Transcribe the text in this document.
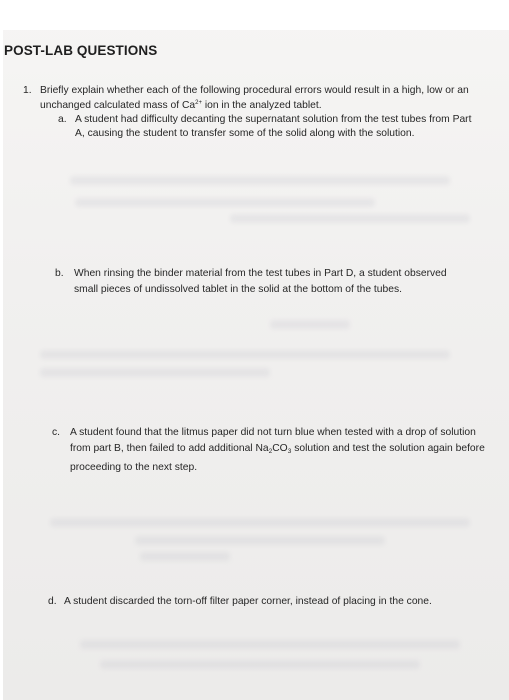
POST-LAB QUESTIONS
1. Briefly explain whether each of the following procedural errors would result in a high, low or an unchanged calculated mass of $Ca^{2+}$ ion in the analyzed tablet.
a. A student had difficulty decanting the supernatant solution from the test tubes from Part A, causing the student to transfer some of the solid along with the solution.
b. When rinsing the binder material from the test tubes in Part D, a student observed small pieces of undissolved tablet in the solid at the bottom of the tubes.
c. A student found that the litmus paper did not turn blue when tested with a drop of solution from part B, then failed to add additional $Na_2CO_3$ solution and test the solution again before proceeding to the next step.
d. A student discarded the torn-off filter paper corner, instead of placing in the cone.
